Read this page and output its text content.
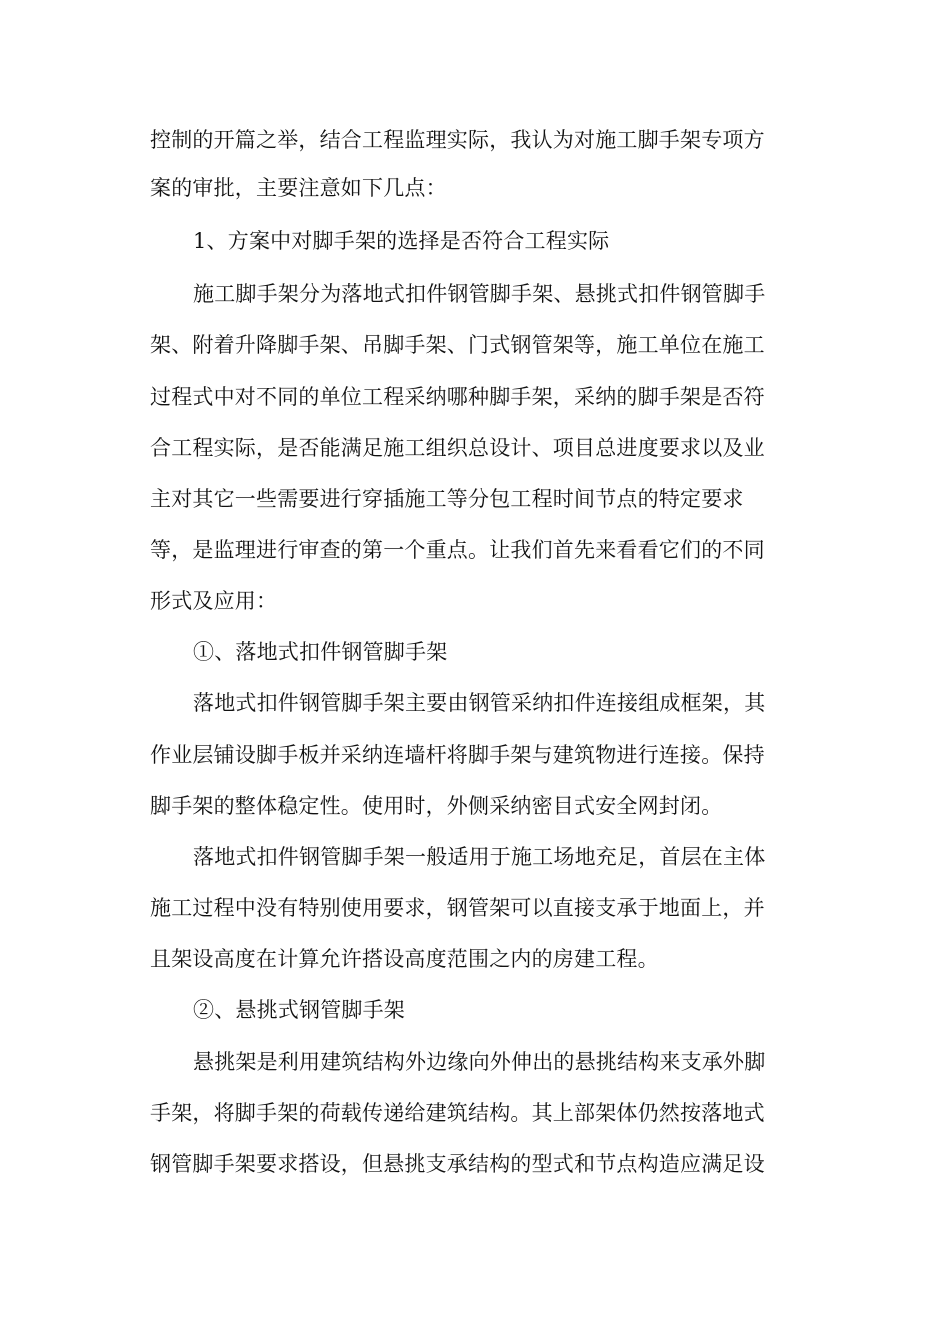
控制的开篇之举，结合工程监理实际，我认为对施工脚手架专项方
案的审批，主要注意如下几点：
1、方案中对脚手架的选择是否符合工程实际
施工脚手架分为落地式扣件钢管脚手架、悬挑式扣件钢管脚手
架、附着升降脚手架、吊脚手架、门式钢管架等，施工单位在施工
过程式中对不同的单位工程采纳哪种脚手架，采纳的脚手架是否符
合工程实际，是否能满足施工组织总设计、项目总进度要求以及业
主对其它一些需要进行穿插施工等分包工程时间节点的特定要求
等，是监理进行审查的第一个重点。让我们首先来看看它们的不同
形式及应用：
①、落地式扣件钢管脚手架
落地式扣件钢管脚手架主要由钢管采纳扣件连接组成框架，其
作业层铺设脚手板并采纳连墙杆将脚手架与建筑物进行连接。保持
脚手架的整体稳定性。使用时，外侧采纳密目式安全网封闭。
落地式扣件钢管脚手架一般适用于施工场地充足，首层在主体
施工过程中没有特别使用要求，钢管架可以直接支承于地面上，并
且架设高度在计算允许搭设高度范围之内的房建工程。
②、悬挑式钢管脚手架
悬挑架是利用建筑结构外边缘向外伸出的悬挑结构来支承外脚
手架，将脚手架的荷载传递给建筑结构。其上部架体仍然按落地式
钢管脚手架要求搭设，但悬挑支承结构的型式和节点构造应满足设
